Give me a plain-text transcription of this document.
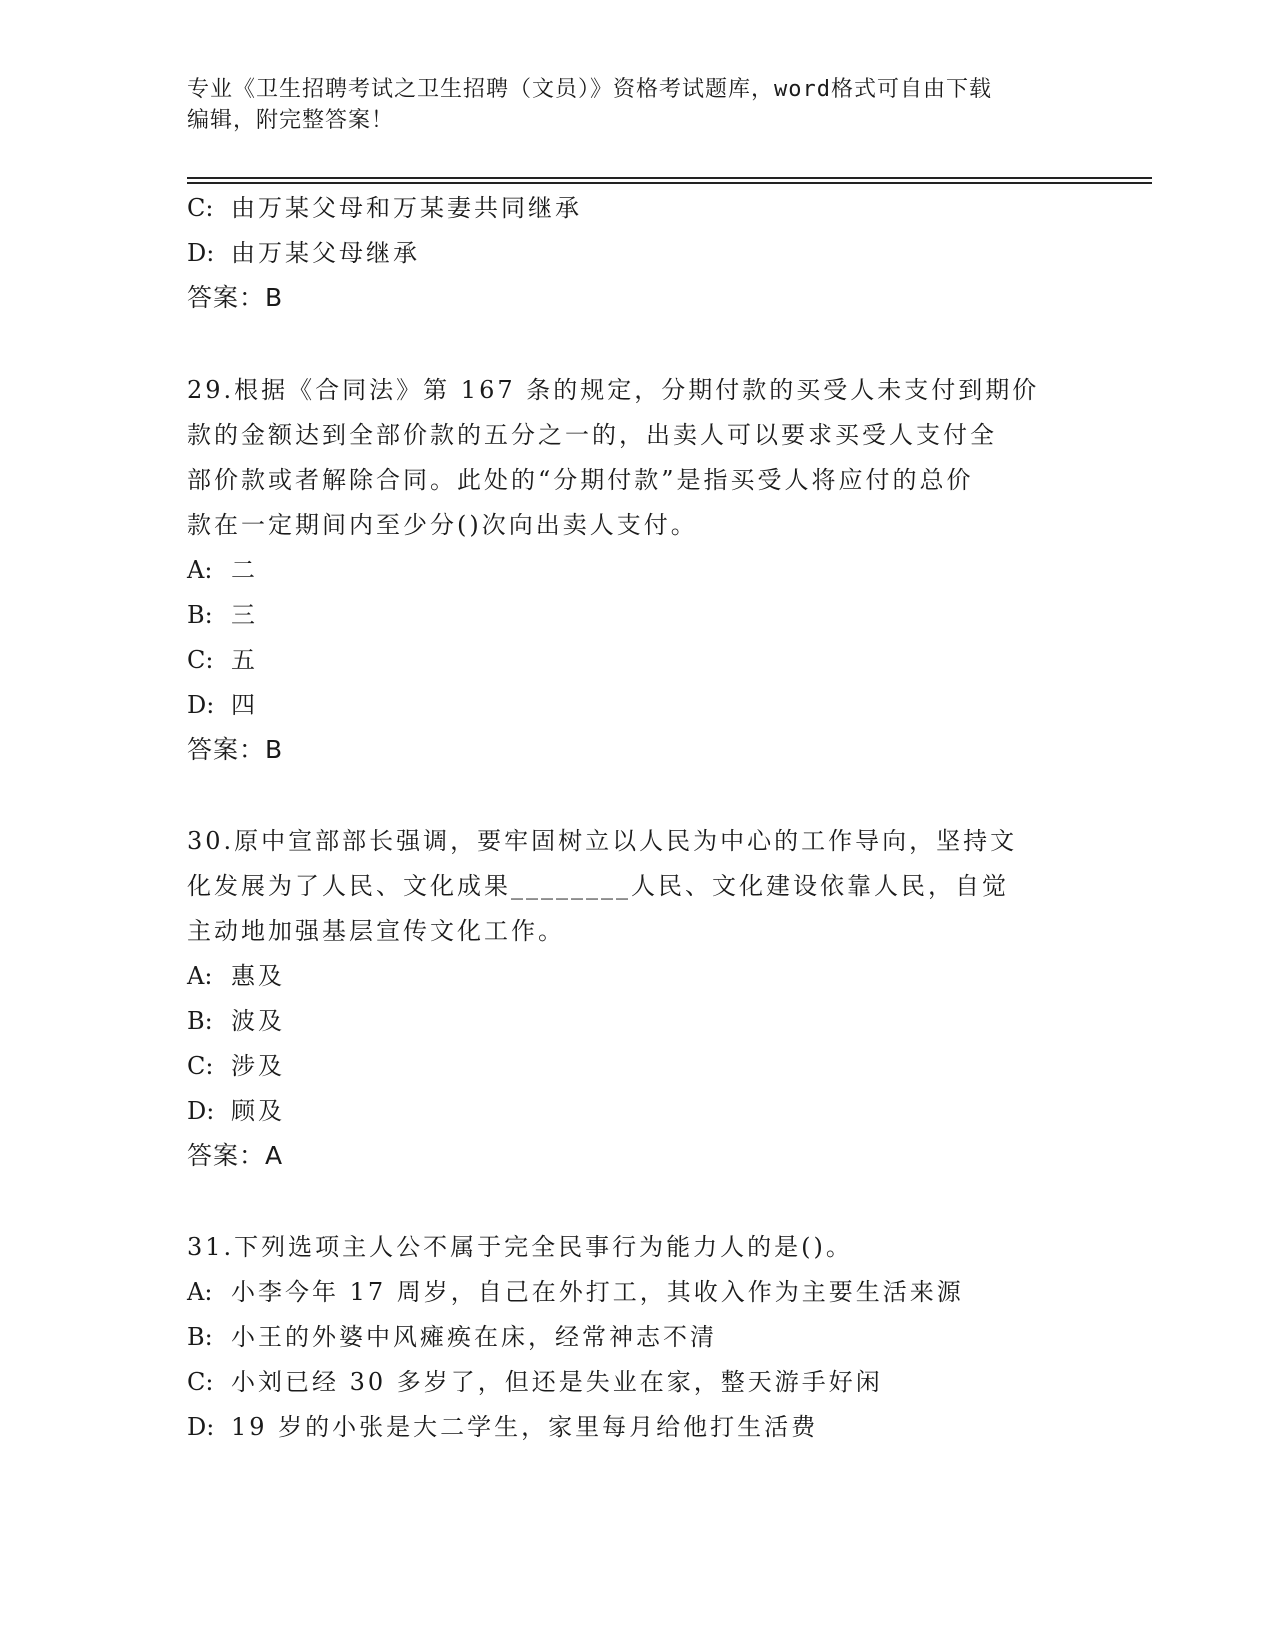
专业《卫生招聘考试之卫生招聘（文员）》资格考试题库，word格式可自由下载
编辑，附完整答案！
C: 由万某父母和万某妻共同继承
D: 由万某父母继承
答案：B
29.根据《合同法》第 167 条的规定，分期付款的买受人未支付到期价
款的金额达到全部价款的五分之一的，出卖人可以要求买受人支付全
部价款或者解除合同。此处的“分期付款”是指买受人将应付的总价
款在一定期间内至少分()次向出卖人支付。
A: 二
B: 三
C: 五
D: 四
答案：B
30.原中宣部部长强调，要牢固树立以人民为中心的工作导向，坚持文
化发展为了人民、文化成果________人民、文化建设依靠人民，自觉
主动地加强基层宣传文化工作。
A: 惠及
B: 波及
C: 涉及
D: 顾及
答案：A
31.下列选项主人公不属于完全民事行为能力人的是()。
A: 小李今年 17 周岁，自己在外打工，其收入作为主要生活来源
B: 小王的外婆中风瘫痪在床，经常神志不清
C: 小刘已经 30 多岁了，但还是失业在家，整天游手好闲
D: 19 岁的小张是大二学生，家里每月给他打生活费
